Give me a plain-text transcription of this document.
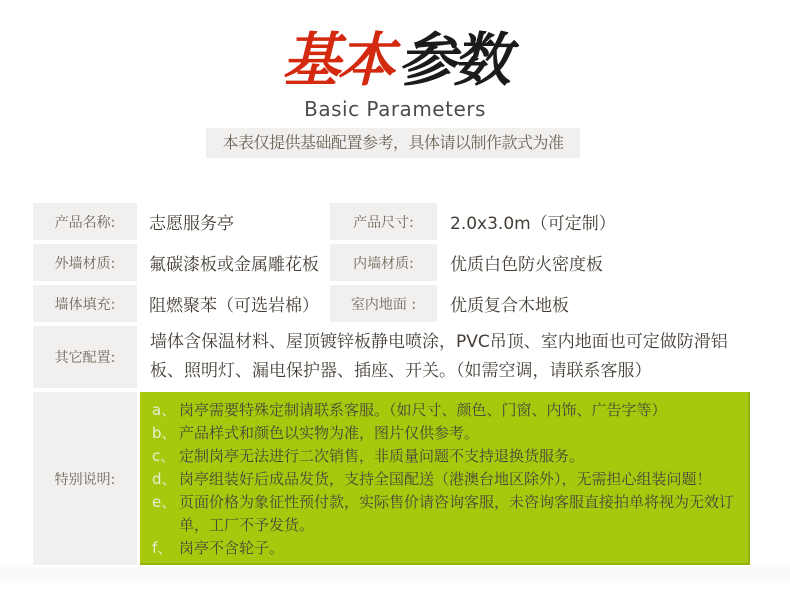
基本 参数
Basic Parameters
本表仅提供基础配置参考，具体请以制作款式为准
产品名称:	志愿服务亭	产品尺寸:	2.0x3.0m（可定制）
外墙材质:	氟碳漆板或金属雕花板	内墙材质:	优质白色防火密度板
墙体填充:	阻燃聚苯（可选岩棉）	室内地面 :	优质复合木地板
其它配置:
墙体含保温材料、屋顶镀锌板静电喷涂，PVC吊顶、室内地面也可定做防滑铝板、照明灯、漏电保护器、插座、开关。（如需空调，请联系客服）
特别说明:
a、 岗亭需要特殊定制请联系客服。（如尺寸、颜色、门窗、内饰、广告字等）
b、 产品样式和颜色以实物为准，图片仅供参考。
c、 定制岗亭无法进行二次销售，非质量问题不支持退换货服务。
d、 岗亭组装好后成品发货，支持全国配送（港澳台地区除外），无需担心组装问题！
e、 页面价格为象征性预付款，实际售价请咨询客服，未咨询客服直接拍单将视为无效订单，工厂不予发货。
f、 岗亭不含轮子。
